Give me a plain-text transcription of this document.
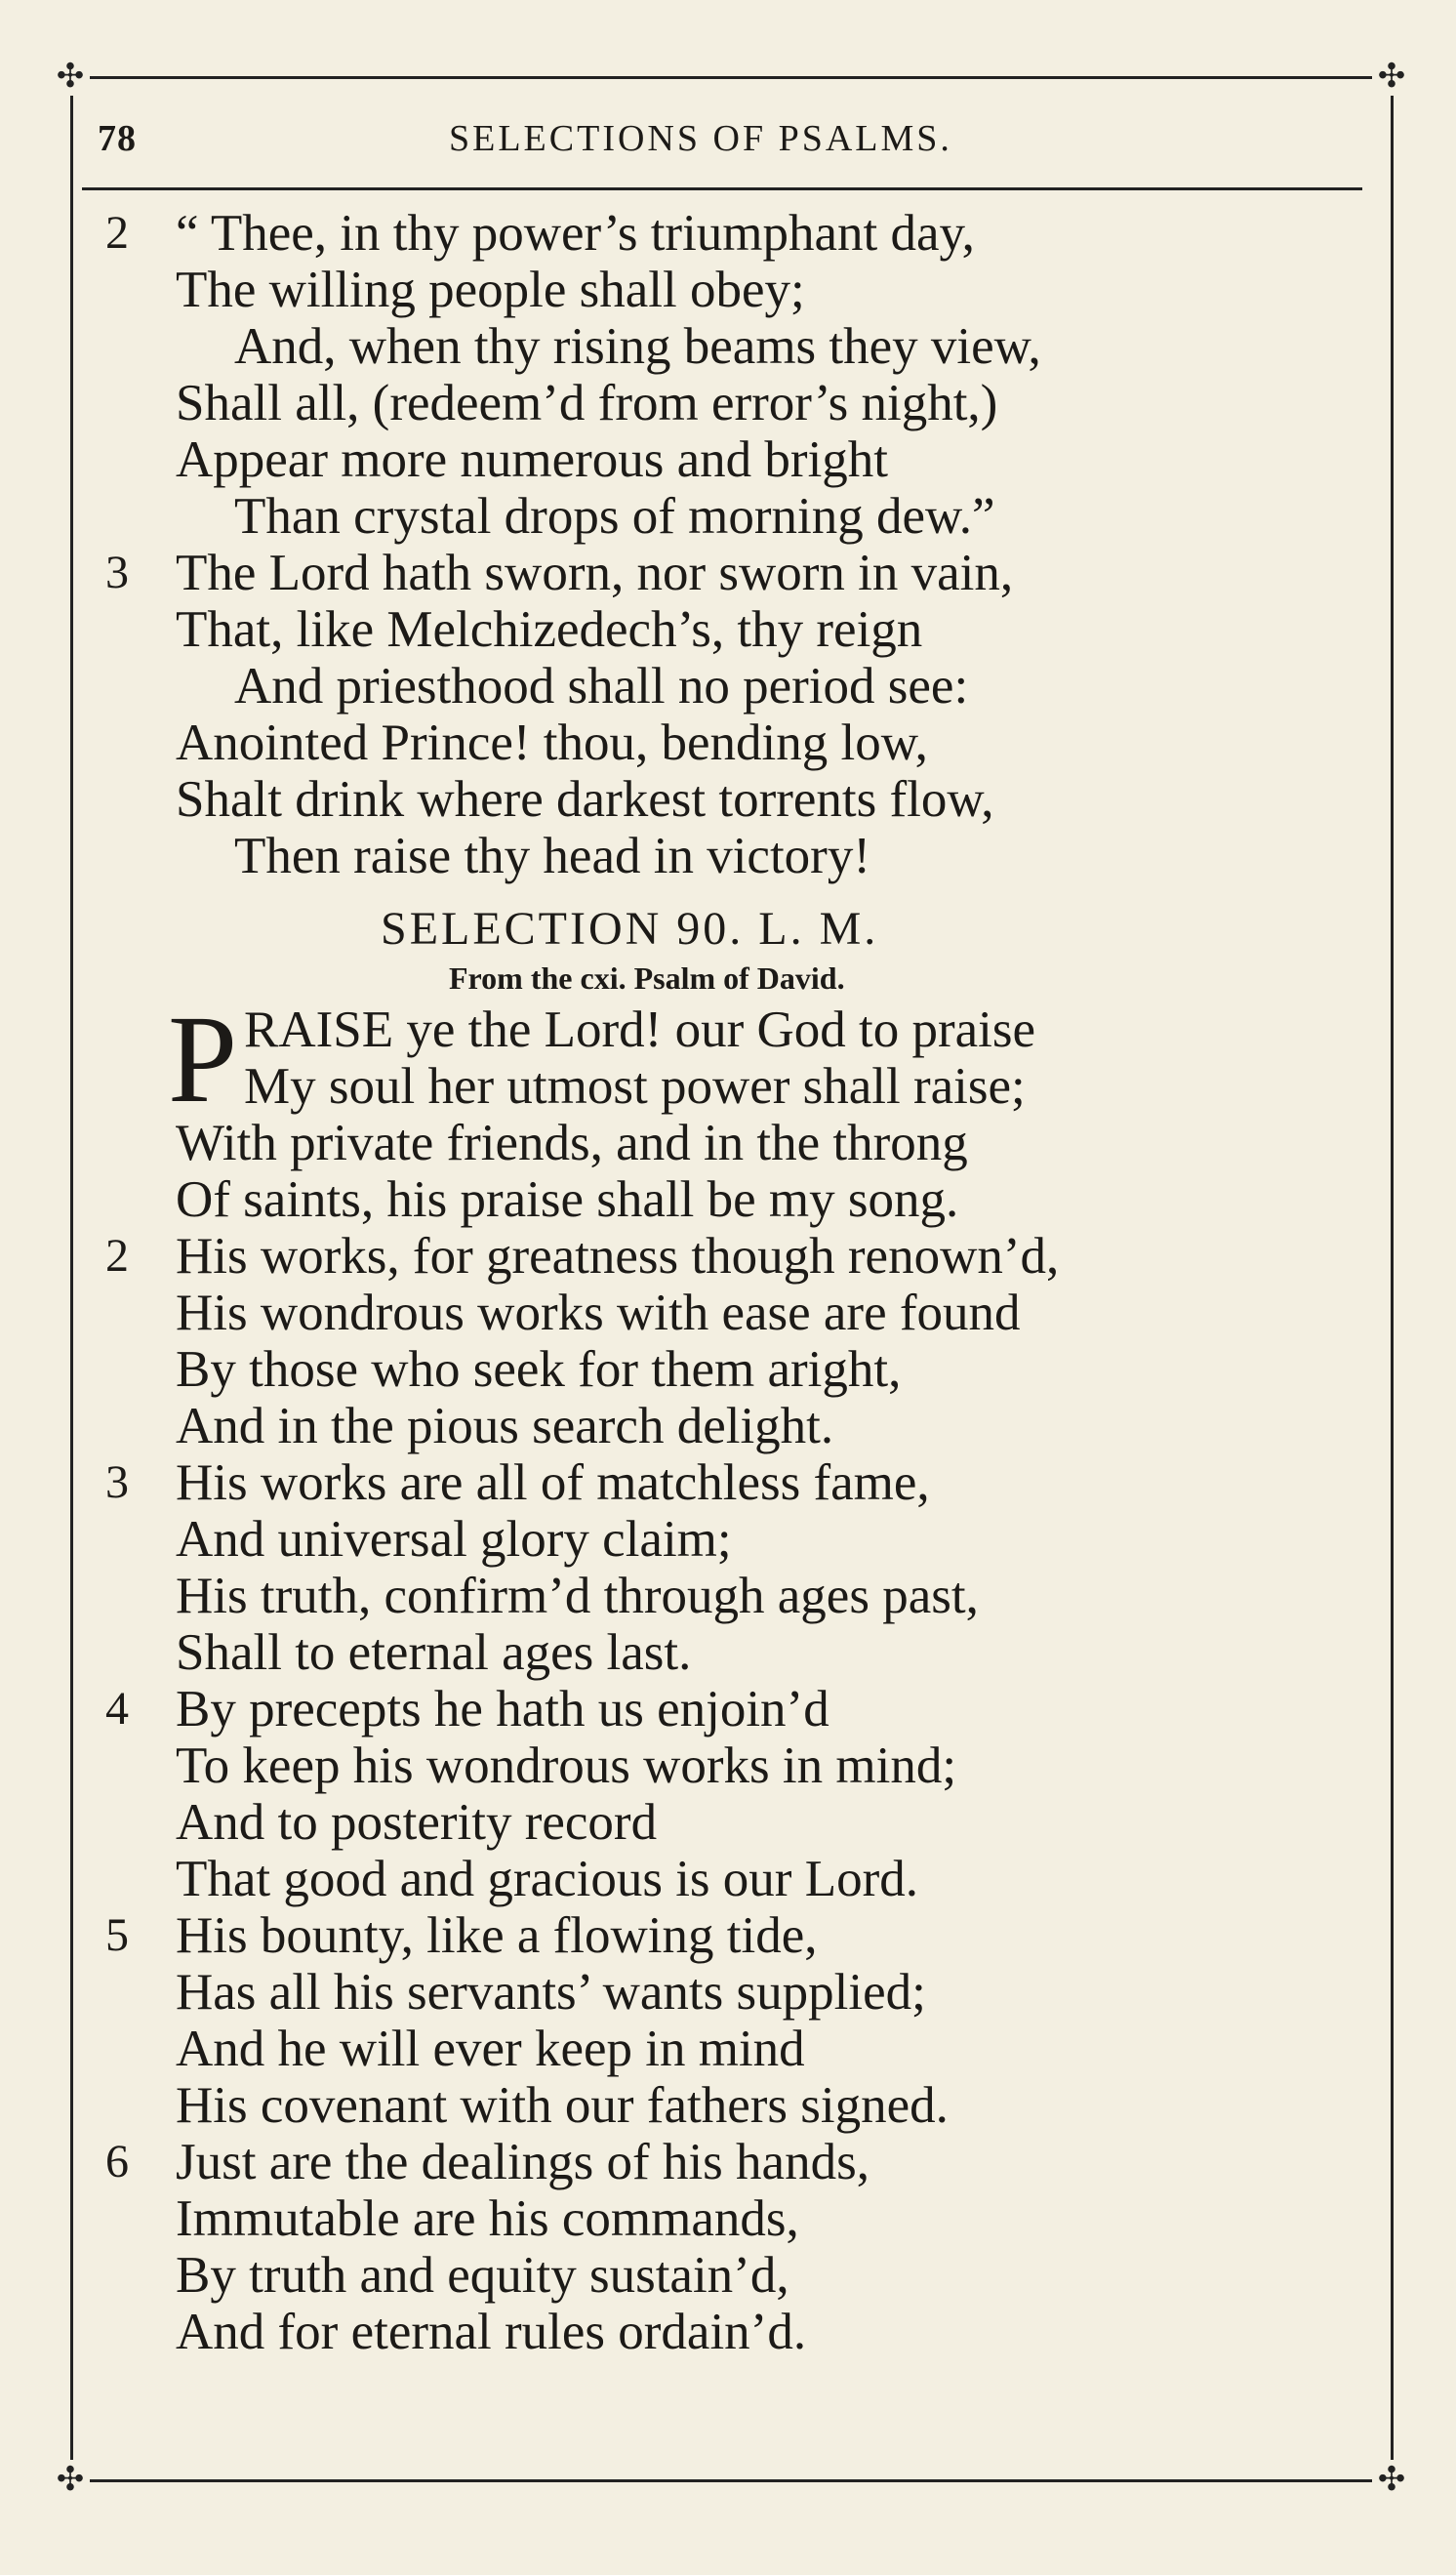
✣	✣
✣	✣
78	SELECTIONS OF PSALMS.
2 “ Thee, in thy power’s triumphant day,
The willing people shall obey;
And, when thy rising beams they view,
Shall all, (redeem’d from error’s night,)
Appear more numerous and bright
Than crystal drops of morning dew.”
3 The Lord hath sworn, nor sworn in vain,
That, like Melchizedech’s, thy reign
And priesthood shall no period see:
Anointed Prince! thou, bending low,
Shalt drink where darkest torrents flow,
Then raise thy head in victory!
SELECTION 90. L. M.
From the cxi. Psalm of David.
P RAISE ye the Lord! our God to praise
My soul her utmost power shall raise;
With private friends, and in the throng
Of saints, his praise shall be my song.
2 His works, for greatness though renown’d,
His wondrous works with ease are found
By those who seek for them aright,
And in the pious search delight.
3 His works are all of matchless fame,
And universal glory claim;
His truth, confirm’d through ages past,
Shall to eternal ages last.
4 By precepts he hath us enjoin’d
To keep his wondrous works in mind;
And to posterity record
That good and gracious is our Lord.
5 His bounty, like a flowing tide,
Has all his servants’ wants supplied;
And he will ever keep in mind
His covenant with our fathers signed.
6 Just are the dealings of his hands,
Immutable are his commands,
By truth and equity sustain’d,
And for eternal rules ordain’d.
